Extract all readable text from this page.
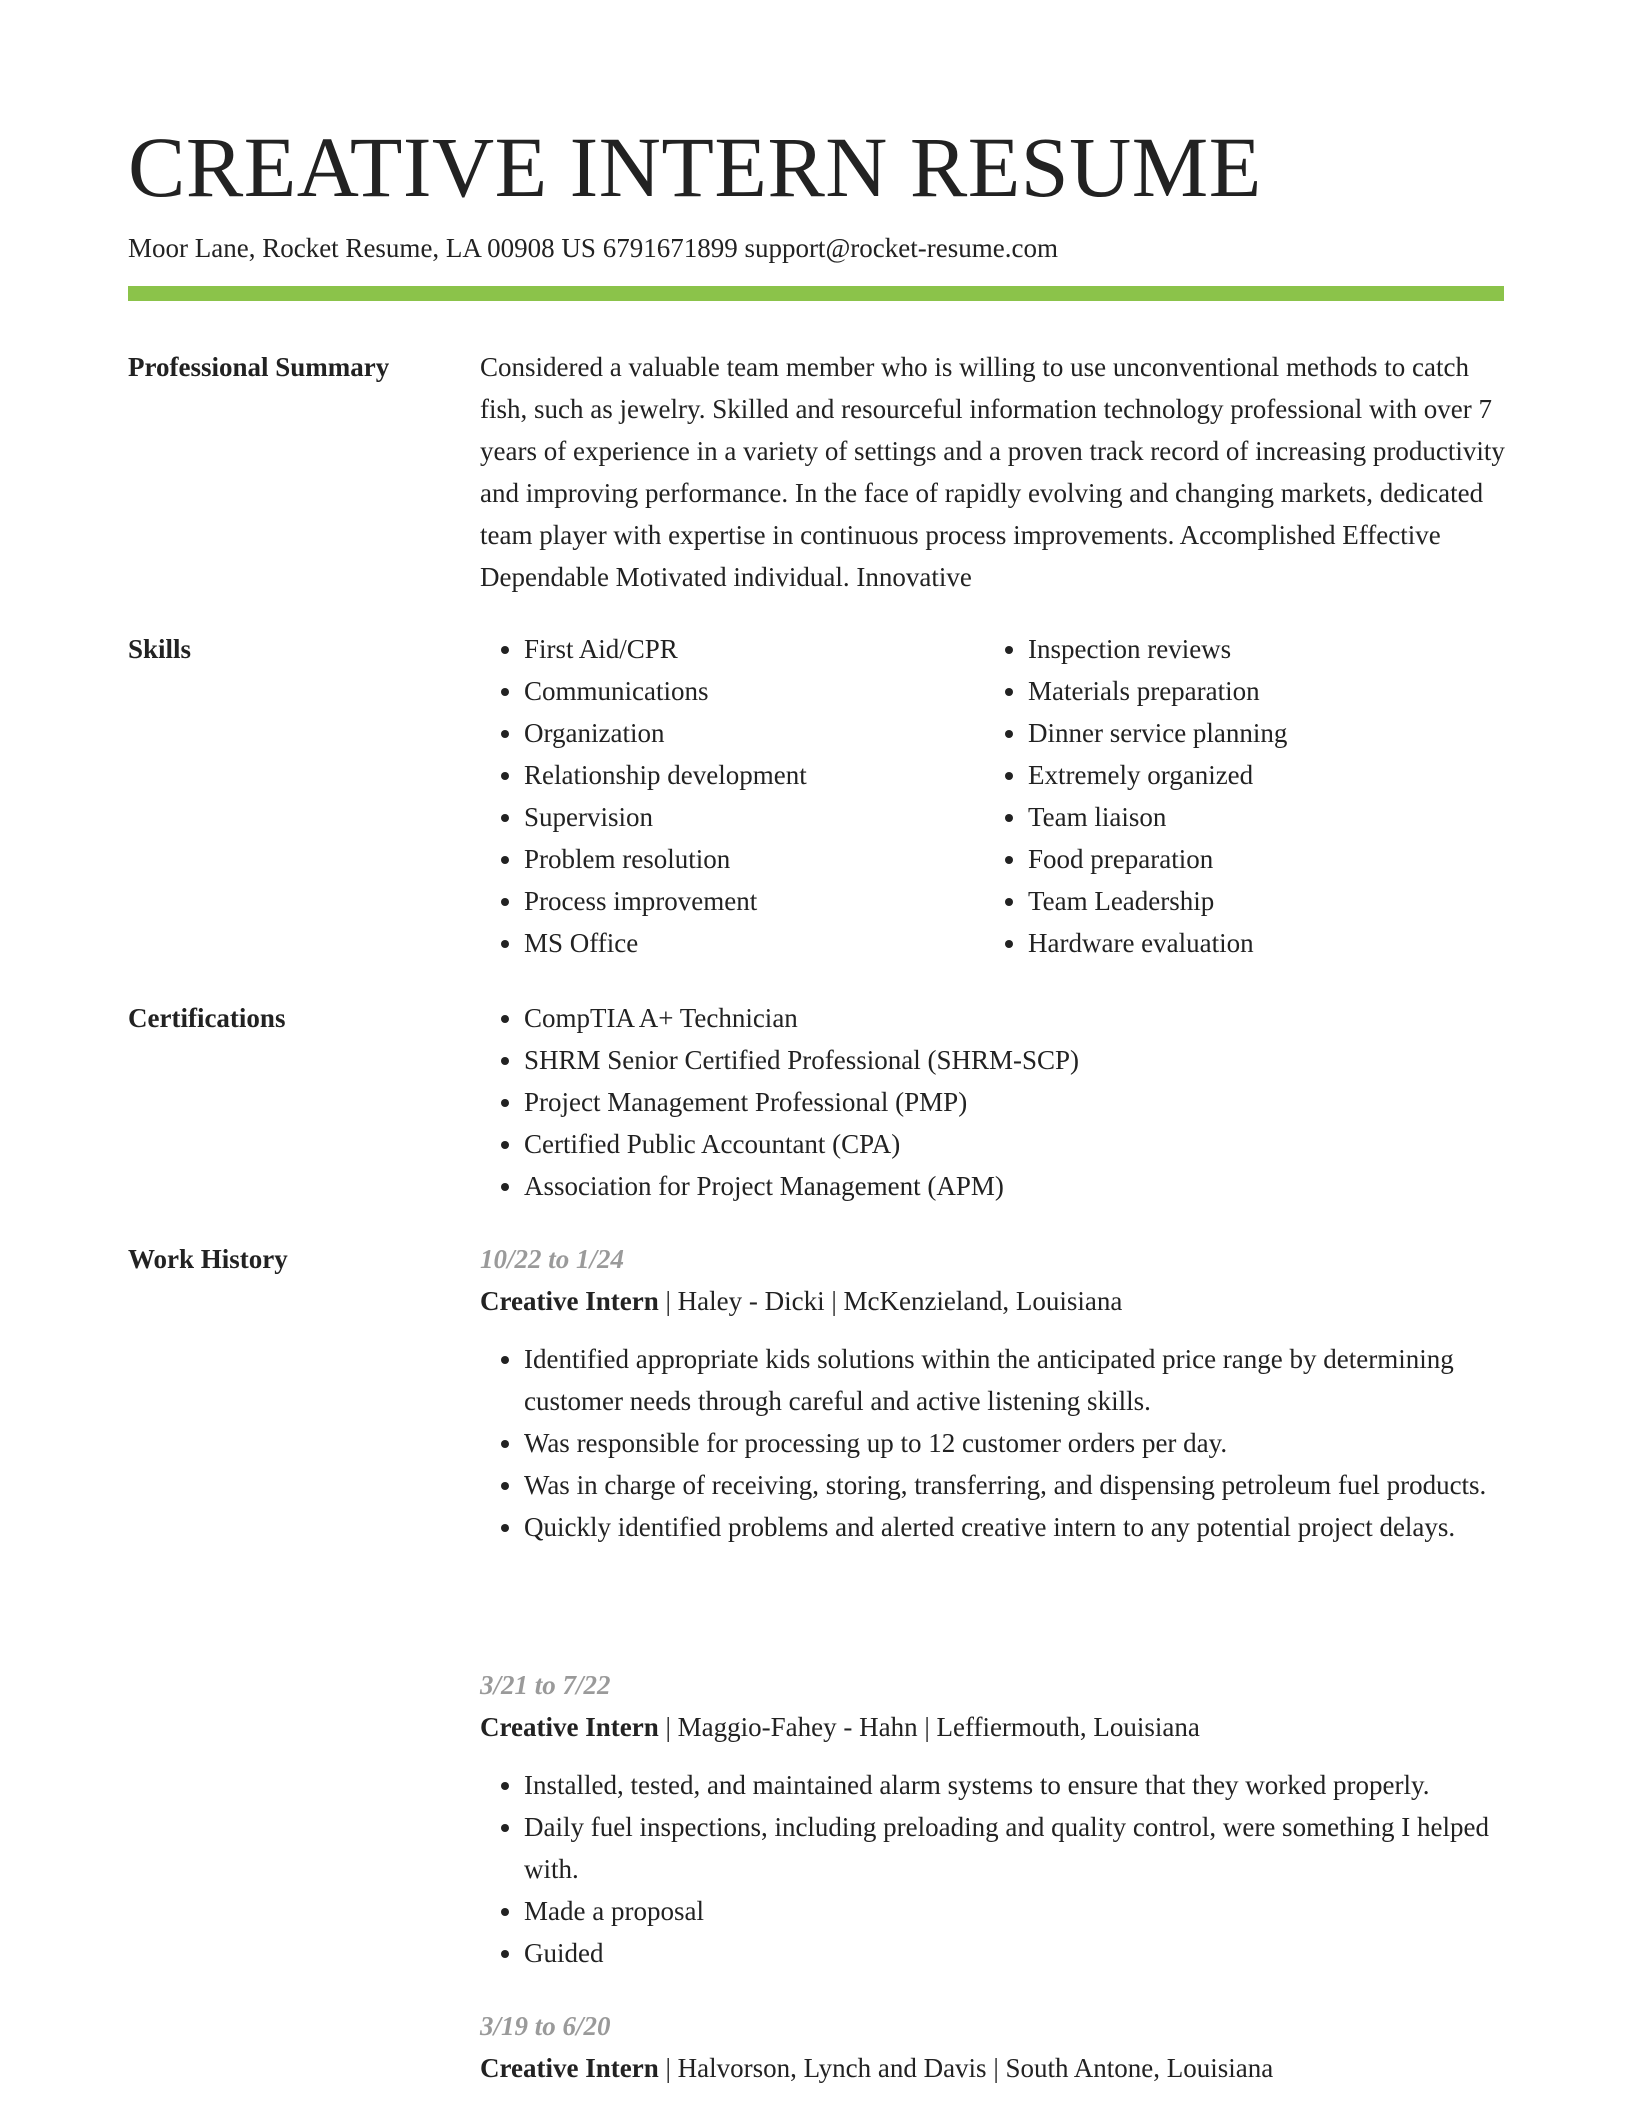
CREATIVE INTERN RESUME
Moor Lane, Rocket Resume, LA 00908 US 6791671899 support@rocket-resume.com
Professional Summary	Considered a valuable team member who is willing to use unconventional methods to catch fish, such as jewelry. Skilled and resourceful information technology professional with over 7 years of experience in a variety of settings and a proven track record of increasing productivity and improving performance. In the face of rapidly evolving and changing markets, dedicated team player with expertise in continuous process improvements. Accomplished Effective Dependable Motivated individual. Innovative

Skills	• First Aid/CPR
• Communications
• Organization
• Relationship development
• Supervision
• Problem resolution
• Process improvement
• MS Office
• Inspection reviews
• Materials preparation
• Dinner service planning
• Extremely organized
• Team liaison
• Food preparation
• Team Leadership
• Hardware evaluation
Certifications	• CompTIA A+ Technician
• SHRM Senior Certified Professional (SHRM-SCP)
• Project Management Professional (PMP)
• Certified Public Accountant (CPA)
• Association for Project Management (APM)
Work History	10/22 to 1/24
Creative Intern | Haley - Dicki | McKenzieland, Louisiana
• Identified appropriate kids solutions within the anticipated price range by determining customer needs through careful and active listening skills.
• Was responsible for processing up to 12 customer orders per day.
• Was in charge of receiving, storing, transferring, and dispensing petroleum fuel products.
• Quickly identified problems and alerted creative intern to any potential project delays.
3/21 to 7/22
Creative Intern | Maggio-Fahey - Hahn | Leffiermouth, Louisiana
• Installed, tested, and maintained alarm systems to ensure that they worked properly.
• Daily fuel inspections, including preloading and quality control, were something I helped with.
• Made a proposal
• Guided
3/19 to 6/20
Creative Intern | Halvorson, Lynch and Davis | South Antone, Louisiana
